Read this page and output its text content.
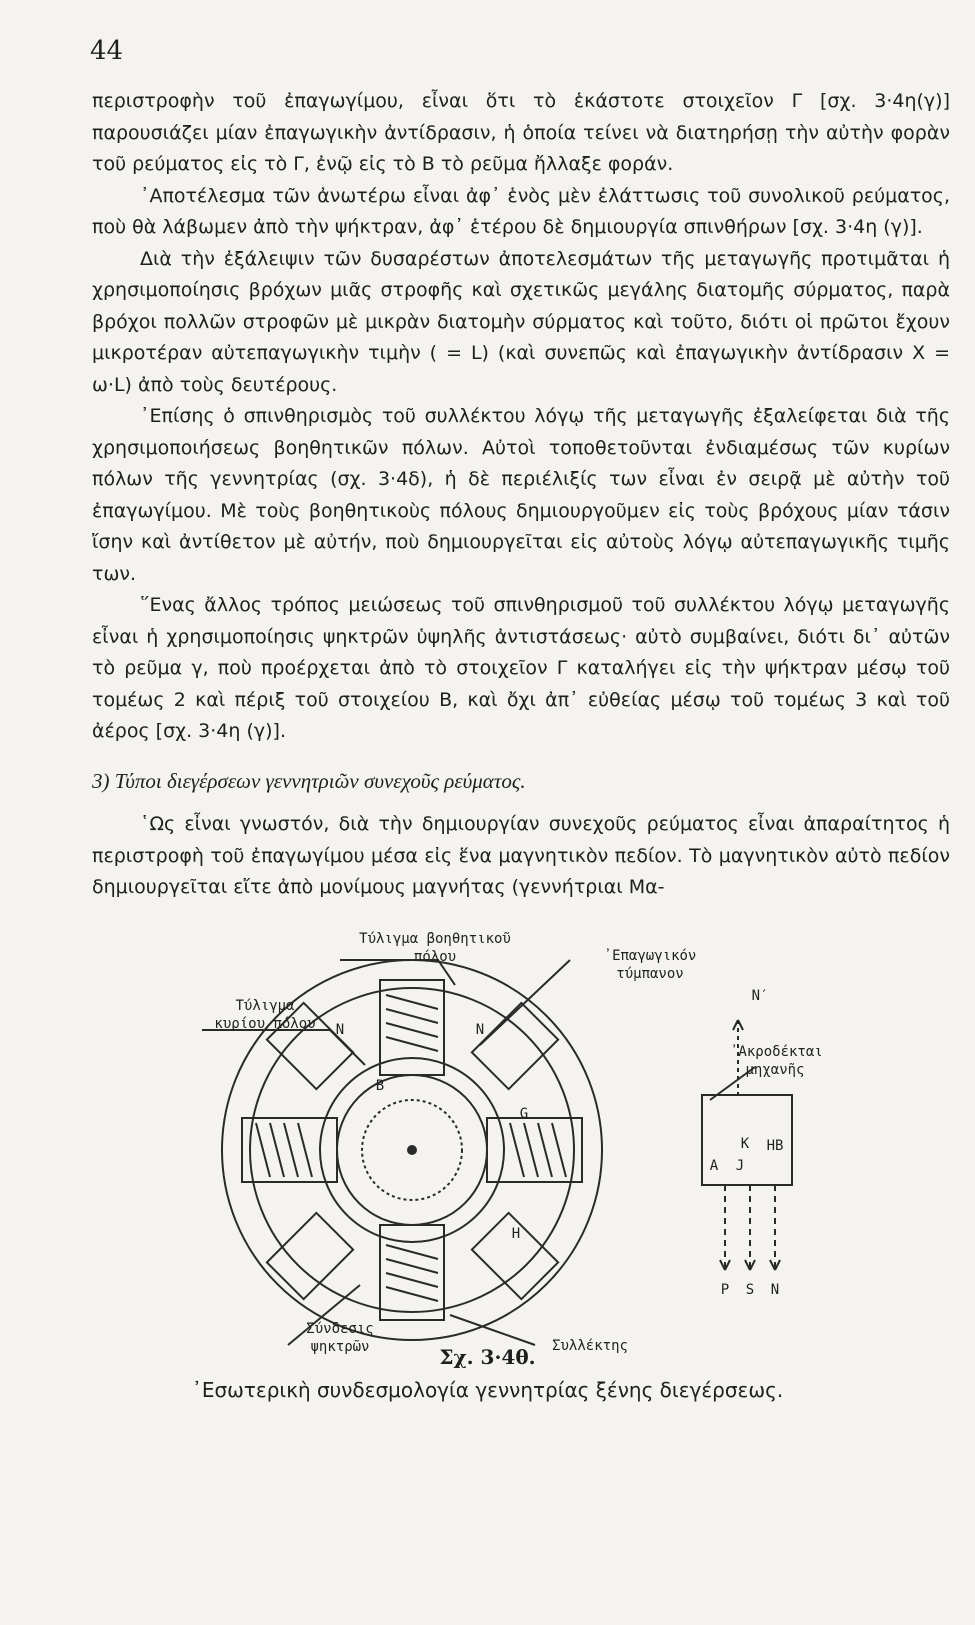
44

περιστροφὴν τοῦ ἐπαγωγίμου, εἶναι ὅτι τὸ ἑκάστοτε στοιχεῖον Γ [σχ. 3·4η(γ)] παρουσιάζει μίαν ἐπαγωγικὴν ἀντίδρασιν, ἡ ὁποία τείνει νὰ διατηρήσῃ τὴν αὐτὴν φορὰν τοῦ ρεύματος εἰς τὸ Γ, ἐνῷ εἰς τὸ Β τὸ ρεῦμα ἤλλαξε φοράν.

᾿Αποτέλεσμα τῶν ἀνωτέρω εἶναι ἀφ᾿ ἑνὸς μὲν ἐλάττωσις τοῦ συνολικοῦ ρεύματος, ποὺ θὰ λάβωμεν ἀπὸ τὴν ψήκτραν, ἀφ᾿ ἑτέρου δὲ δημιουργία σπινθήρων [σχ. 3·4η (γ)].

Διὰ τὴν ἐξάλειψιν τῶν δυσαρέστων ἀποτελεσμάτων τῆς μεταγωγῆς προτιμᾶται ἡ χρησιμοποίησις βρόχων μιᾶς στροφῆς καὶ σχετικῶς μεγάλης διατομῆς σύρματος, παρὰ βρόχοι πολλῶν στροφῶν μὲ μικρὰν διατομὴν σύρματος καὶ τοῦτο, διότι οἱ πρῶτοι ἔχουν μικροτέραν αὐτεπαγωγικὴν τιμὴν ( = L) (καὶ συνεπῶς καὶ ἐπαγωγικὴν ἀντίδρασιν X = ω·L) ἀπὸ τοὺς δευτέρους.

᾿Επίσης ὁ σπινθηρισμὸς τοῦ συλλέκτου λόγῳ τῆς μεταγωγῆς ἐξαλείφεται διὰ τῆς χρησιμοποιήσεως βοηθητικῶν πόλων. Αὐτοὶ τοποθετοῦνται ἐνδιαμέσως τῶν κυρίων πόλων τῆς γεννητρίας (σχ. 3·4δ), ἡ δὲ περιέλιξίς των εἶναι ἐν σειρᾷ μὲ αὐτὴν τοῦ ἐπαγωγίμου. Μὲ τοὺς βοηθητικοὺς πόλους δημιουργοῦμεν εἰς τοὺς βρόχους μίαν τάσιν ἴσην καὶ ἀντίθετον μὲ αὐτήν, ποὺ δημιουργεῖται εἰς αὐτοὺς λόγῳ αὐτεπαγωγικῆς τιμῆς των.

῞Ενας ἄλλος τρόπος μειώσεως τοῦ σπινθηρισμοῦ τοῦ συλλέκτου λόγῳ μεταγωγῆς εἶναι ἡ χρησιμοποίησις ψηκτρῶν ὑψηλῆς ἀντιστάσεως· αὐτὸ συμβαίνει, διότι δι᾿ αὐτῶν τὸ ρεῦμα γ, ποὺ προέρχεται ἀπὸ τὸ στοιχεῖον Γ καταλήγει εἰς τὴν ψήκτραν μέσῳ τοῦ τομέως 2 καὶ πέριξ τοῦ στοιχείου Β, καὶ ὄχι ἀπ᾿ εὐθείας μέσῳ τοῦ τομέως 3 καὶ τοῦ ἀέρος [σχ. 3·4η (γ)].

3) Τύποι διεγέρσεων γεννητριῶν συνεχοῦς ρεύματος.

῾Ως εἶναι γνωστόν, διὰ τὴν δημιουργίαν συνεχοῦς ρεύματος εἶναι ἀπαραίτητος ἡ περιστροφὴ τοῦ ἐπαγωγίμου μέσα εἰς ἕνα μαγνητικὸν πεδίον. Τὸ μαγνητικὸν αὐτὸ πεδίον δημιουργεῖται εἴτε ἀπὸ μονίμους μαγνήτας (γεννήτριαι Μα-

Τύλιγμα βοηθητικοῦ
πόλου	᾿Επαγωγικόν
τύμπανον
Τύλιγμα
κυρίου πόλου
N′
᾿Ακροδέκται
μηχανῆς
Σύνδεσις
ψηκτρῶν	Συλλέκτης
B
G
H
N	N
K	HB
A	J
P	S	N
Σχ. 3·4θ.
᾿Εσωτερικὴ συνδεσμολογία γεννητρίας ξένης διεγέρσεως.
